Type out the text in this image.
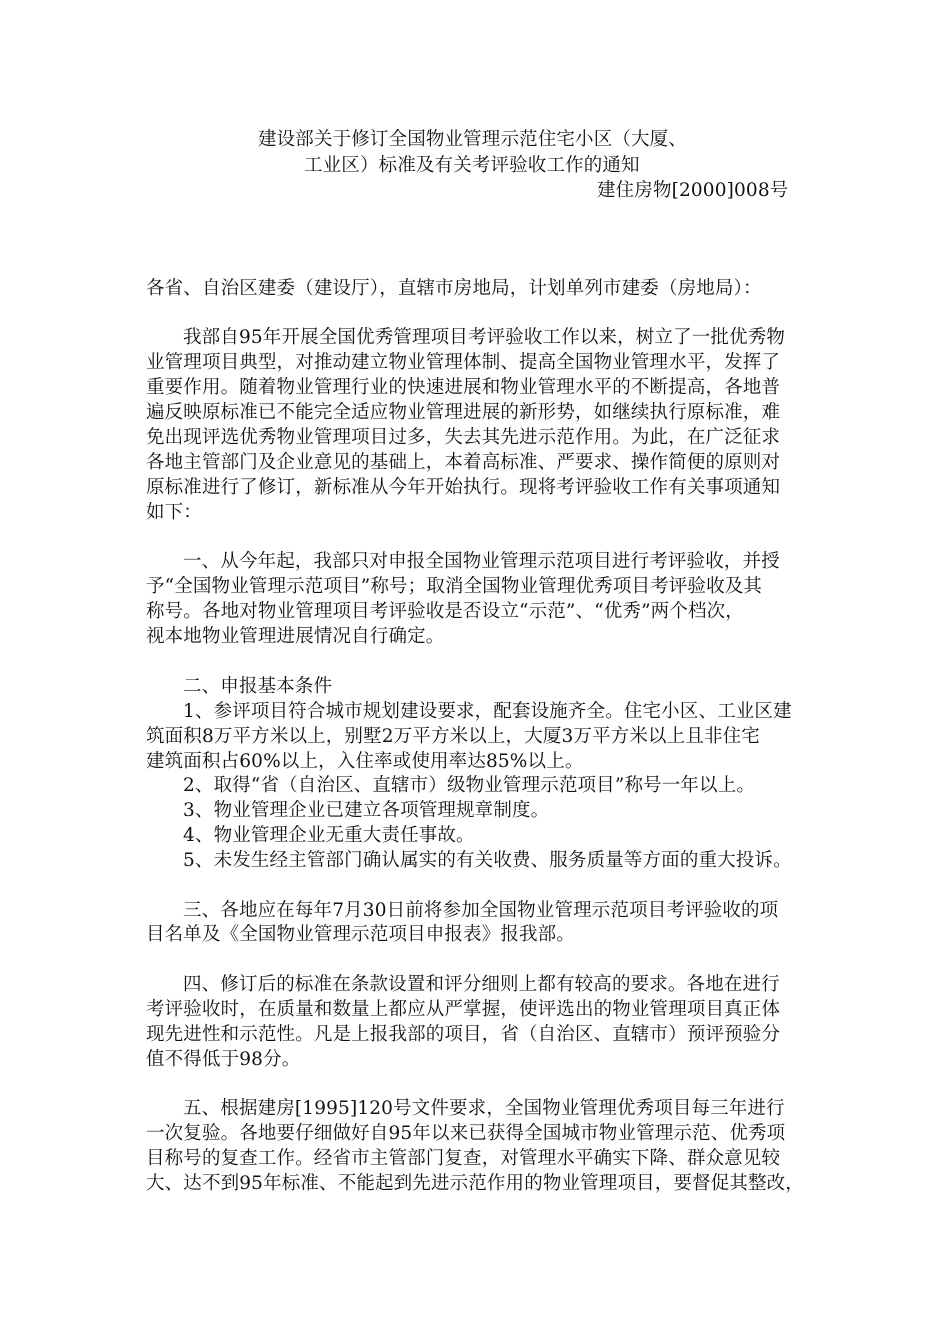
建设部关于修订全国物业管理示范住宅小区（大厦、
工业区）标准及有关考评验收工作的通知
建住房物[2000]008号
各省、自治区建委（建设厅），直辖市房地局，计划单列市建委（房地局）：
我部自95年开展全国优秀管理项目考评验收工作以来，树立了一批优秀物
业管理项目典型，对推动建立物业管理体制、提高全国物业管理水平，发挥了
重要作用。随着物业管理行业的快速进展和物业管理水平的不断提高，各地普
遍反映原标准已不能完全适应物业管理进展的新形势，如继续执行原标准，难
免出现评选优秀物业管理项目过多，失去其先进示范作用。为此，在广泛征求
各地主管部门及企业意见的基础上，本着高标准、严要求、操作简便的原则对
原标准进行了修订，新标准从今年开始执行。现将考评验收工作有关事项通知
如下：
一、从今年起，我部只对申报全国物业管理示范项目进行考评验收，并授
予“全国物业管理示范项目”称号；取消全国物业管理优秀项目考评验收及其
称号。各地对物业管理项目考评验收是否设立“示范”、“优秀”两个档次，
视本地物业管理进展情况自行确定。
二、申报基本条件
1、参评项目符合城市规划建设要求，配套设施齐全。住宅小区、工业区建
筑面积8万平方米以上，别墅2万平方米以上，大厦3万平方米以上且非住宅
建筑面积占60%以上，入住率或使用率达85%以上。
2、取得“省（自治区、直辖市）级物业管理示范项目”称号一年以上。
3、物业管理企业已建立各项管理规章制度。
4、物业管理企业无重大责任事故。
5、未发生经主管部门确认属实的有关收费、服务质量等方面的重大投诉。
三、各地应在每年7月30日前将参加全国物业管理示范项目考评验收的项
目名单及《全国物业管理示范项目申报表》报我部。
四、修订后的标准在条款设置和评分细则上都有较高的要求。各地在进行
考评验收时，在质量和数量上都应从严掌握，使评选出的物业管理项目真正体
现先进性和示范性。凡是上报我部的项目，省（自治区、直辖市）预评预验分
值不得低于98分。
五、根据建房[1995]120号文件要求，全国物业管理优秀项目每三年进行
一次复验。各地要仔细做好自95年以来已获得全国城市物业管理示范、优秀项
目称号的复查工作。经省市主管部门复查，对管理水平确实下降、群众意见较
大、达不到95年标准、不能起到先进示范作用的物业管理项目，要督促其整改，
